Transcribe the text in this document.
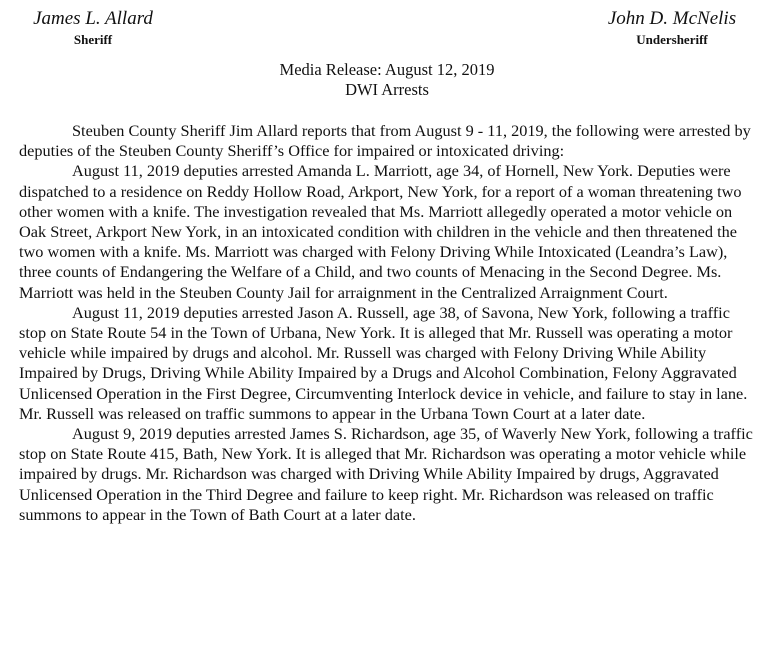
James L. Allard
Sheriff
John D. McNelis
Undersheriff
Media Release: August 12, 2019
DWI Arrests

Steuben County Sheriff Jim Allard reports that from August 9 - 11, 2019, the following were arrested by deputies of the Steuben County Sheriff’s Office for impaired or intoxicated driving:

August 11, 2019 deputies arrested Amanda L. Marriott, age 34, of Hornell, New York. Deputies were dispatched to a residence on Reddy Hollow Road, Arkport, New York, for a report of a woman threatening two other women with a knife. The investigation revealed that Ms. Marriott allegedly operated a motor vehicle on Oak Street, Arkport New York, in an intoxicated condition with children in the vehicle and then threatened the two women with a knife. Ms. Marriott was charged with Felony Driving While Intoxicated (Leandra’s Law), three counts of Endangering the Welfare of a Child, and two counts of Menacing in the Second Degree. Ms. Marriott was held in the Steuben County Jail for arraignment in the Centralized Arraignment Court.

August 11, 2019 deputies arrested Jason A. Russell, age 38, of Savona, New York, following a traffic stop on State Route 54 in the Town of Urbana, New York. It is alleged that Mr. Russell was operating a motor vehicle while impaired by drugs and alcohol. Mr. Russell was charged with Felony Driving While Ability Impaired by Drugs, Driving While Ability Impaired by a Drugs and Alcohol Combination, Felony Aggravated Unlicensed Operation in the First Degree, Circumventing Interlock device in vehicle, and failure to stay in lane. Mr. Russell was released on traffic summons to appear in the Urbana Town Court at a later date.

August 9, 2019 deputies arrested James S. Richardson, age 35, of Waverly New York, following a traffic stop on State Route 415, Bath, New York. It is alleged that Mr. Richardson was operating a motor vehicle while impaired by drugs. Mr. Richardson was charged with Driving While Ability Impaired by drugs, Aggravated Unlicensed Operation in the Third Degree and failure to keep right. Mr. Richardson was released on traffic summons to appear in the Town of Bath Court at a later date.
